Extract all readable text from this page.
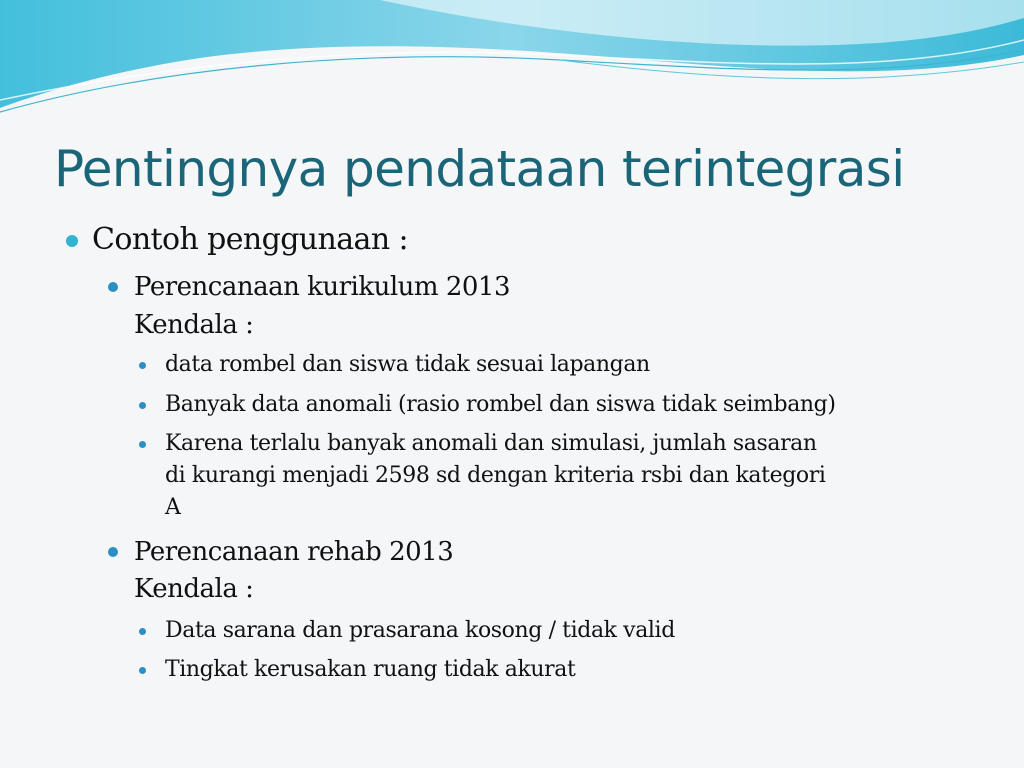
Pentingnya pendataan terintegrasi
Contoh penggunaan :
Perencanaan kurikulum 2013
Kendala :
data rombel dan siswa tidak sesuai lapangan
Banyak data anomali (rasio rombel dan siswa tidak seimbang)
Karena terlalu banyak anomali dan simulasi, jumlah sasaran
di kurangi menjadi 2598 sd dengan kriteria rsbi dan kategori
A
Perencanaan rehab 2013
Kendala :
Data sarana dan prasarana kosong / tidak valid
Tingkat kerusakan ruang tidak akurat
